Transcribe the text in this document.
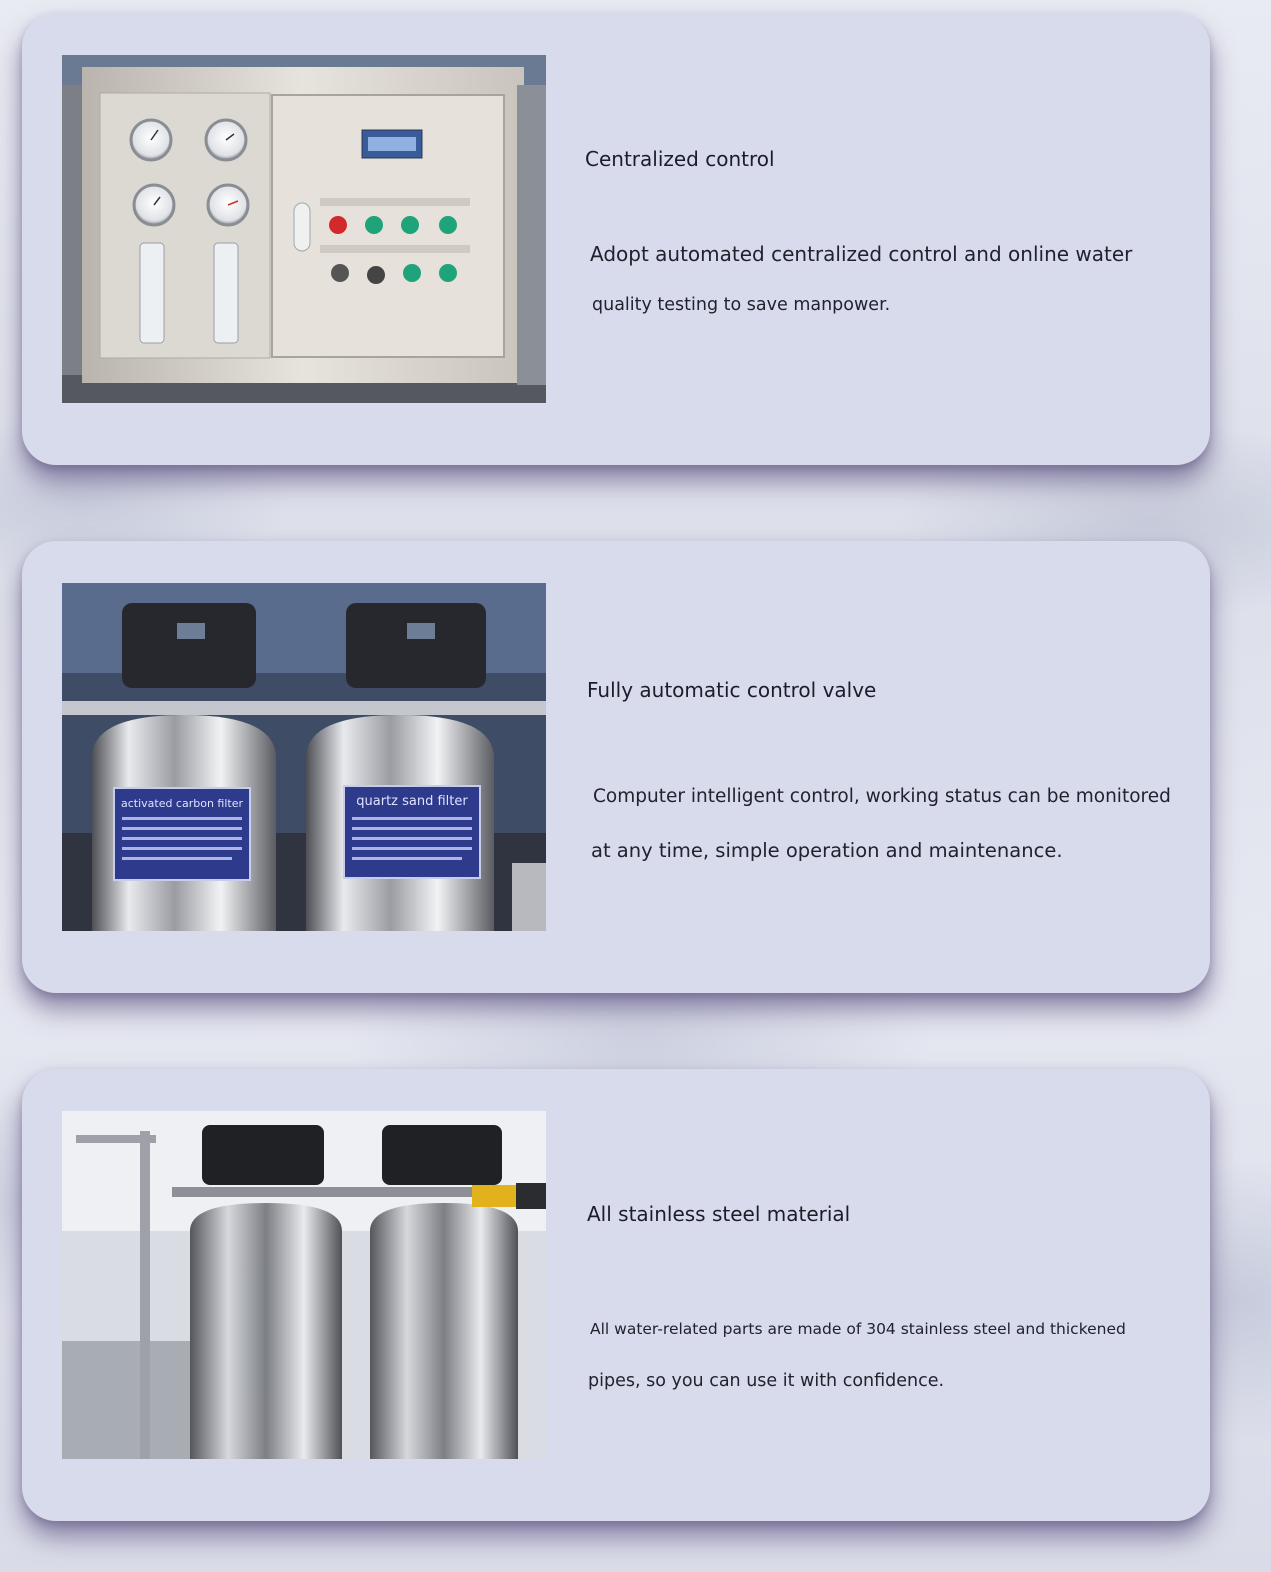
Centralized control

Adopt automated centralized control and online water

quality testing to save manpower.

activated carbon filter	quartz sand filter
Fully automatic control valve

Computer intelligent control, working status can be monitored

at any time, simple operation and maintenance.

All stainless steel material

All water-related parts are made of 304 stainless steel and thickened

pipes, so you can use it with confidence.
